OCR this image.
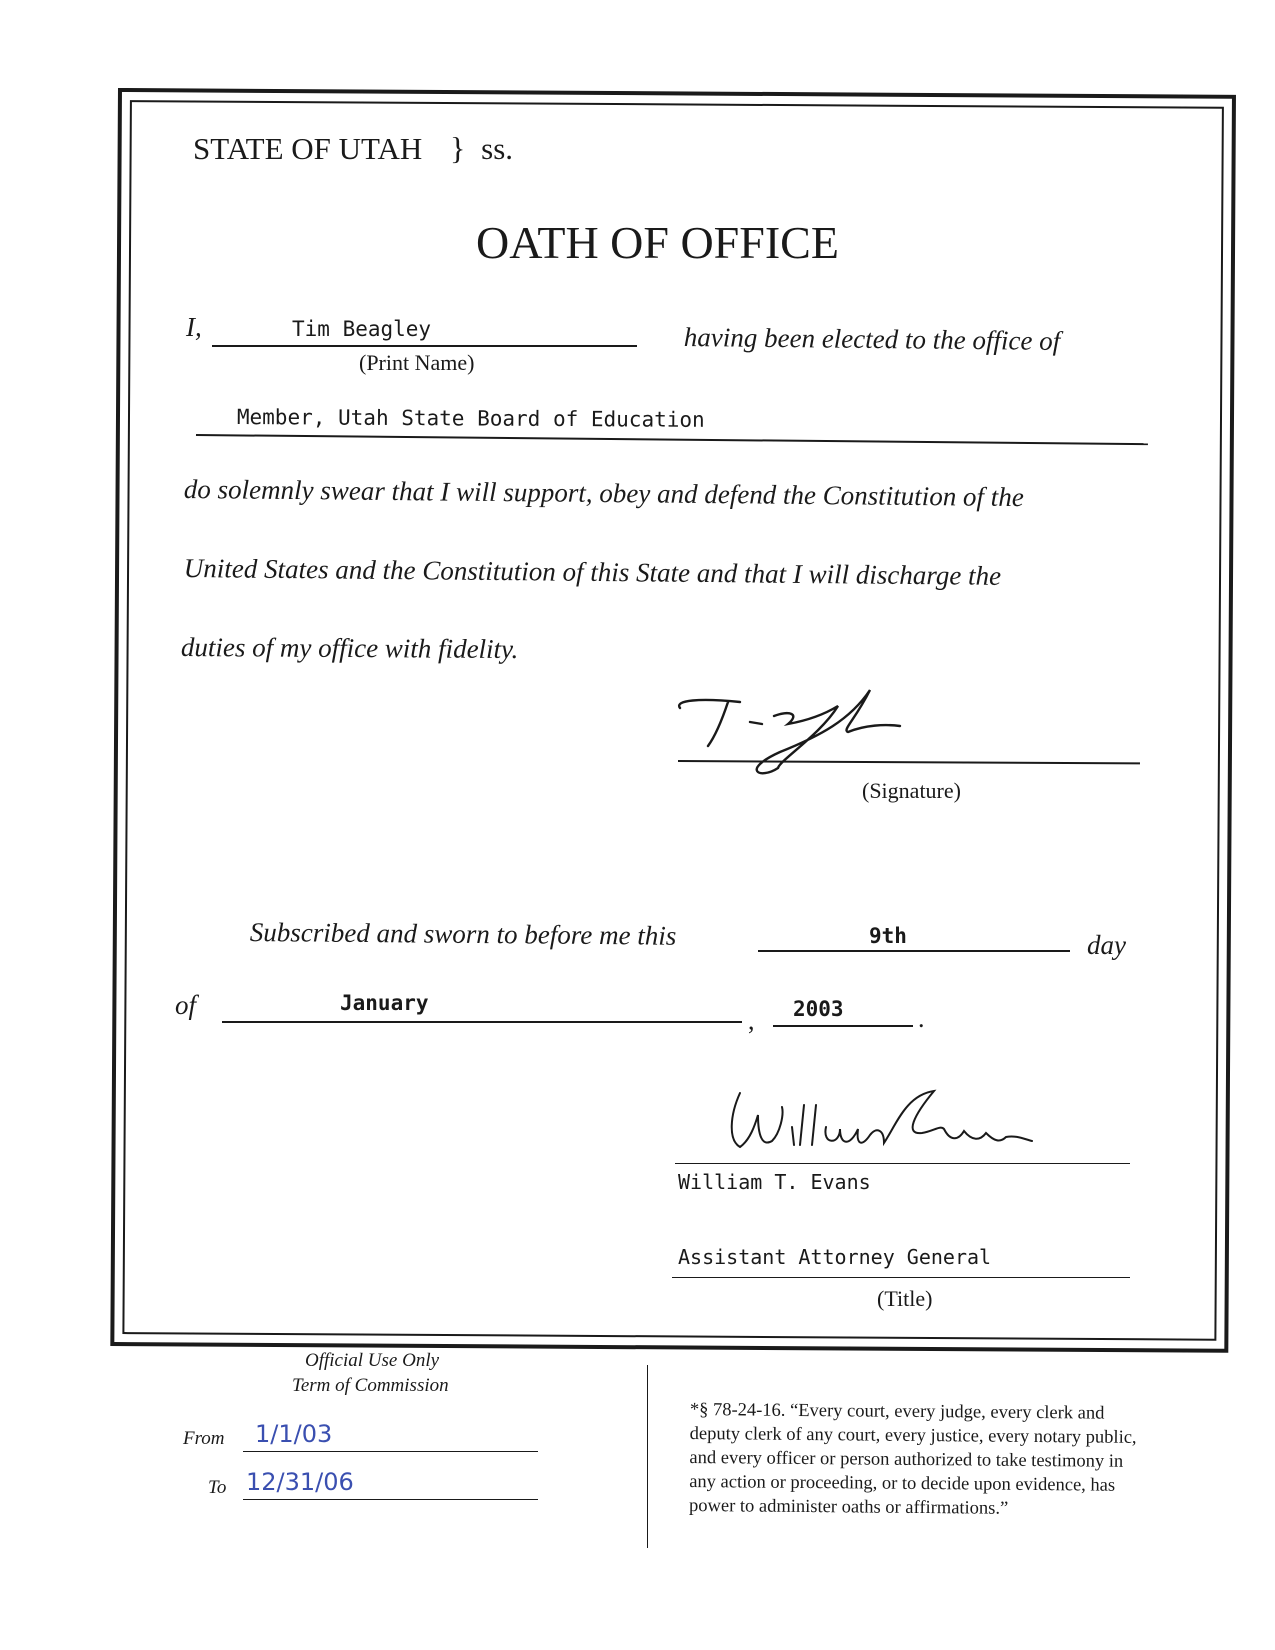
STATE OF UTAH } ss.
OATH OF OFFICE
I,	Tim Beagley
(Print Name)
having been elected to the office of
Member, Utah State Board of Education
do solemnly swear that I will support, obey and defend the Constitution of the
United States and the Constitution of this State and that I will discharge the
duties of my office with fidelity.
(Signature)
Subscribed and sworn to before me this	9th	day
of	January
, 2003	.
William T. Evans
Assistant Attorney General
(Title)
Official Use Only
Term of Commission
From 1/1/03
To 12/31/06
*§ 78-24-16. “Every court, every judge, every clerk and
deputy clerk of any court, every justice, every notary public,
and every officer or person authorized to take testimony in
any action or proceeding, or to decide upon evidence, has
power to administer oaths or affirmations.”
